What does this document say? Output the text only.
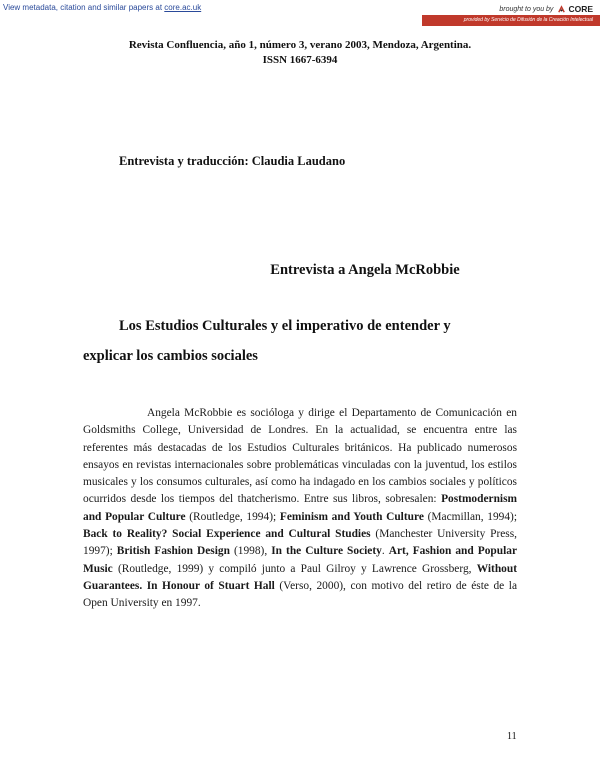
View metadata, citation and similar papers at core.ac.uk	brought to you by CORE
provided by Servicio de Difusión de la Creación Intelectual
Revista Confluencia, año 1, número 3, verano 2003, Mendoza, Argentina.
ISSN 1667-6394
Entrevista y traducción: Claudia Laudano
Entrevista a Angela McRobbie
Los Estudios Culturales y el imperativo de entender y
explicar los cambios sociales

Angela McRobbie es socióloga y dirige el Departamento de Comunicación en Goldsmiths College, Universidad de Londres. En la actualidad, se encuentra entre las referentes más destacadas de los Estudios Culturales británicos. Ha publicado numerosos ensayos en revistas internacionales sobre problemáticas vinculadas con la juventud, los estilos musicales y los consumos culturales, así como ha indagado en los cambios sociales y políticos ocurridos desde los tiempos del thatcherismo. Entre sus libros, sobresalen: Postmodernism and Popular Culture (Routledge, 1994); Feminism and Youth Culture (Macmillan, 1994); Back to Reality? Social Experience and Cultural Studies (Manchester University Press, 1997); British Fashion Design (1998), In the Culture Society. Art, Fashion and Popular Music (Routledge, 1999) y compiló junto a Paul Gilroy y Lawrence Grossberg, Without Guarantees. In Honour of Stuart Hall (Verso, 2000), con motivo del retiro de éste de la Open University en 1997.

11
